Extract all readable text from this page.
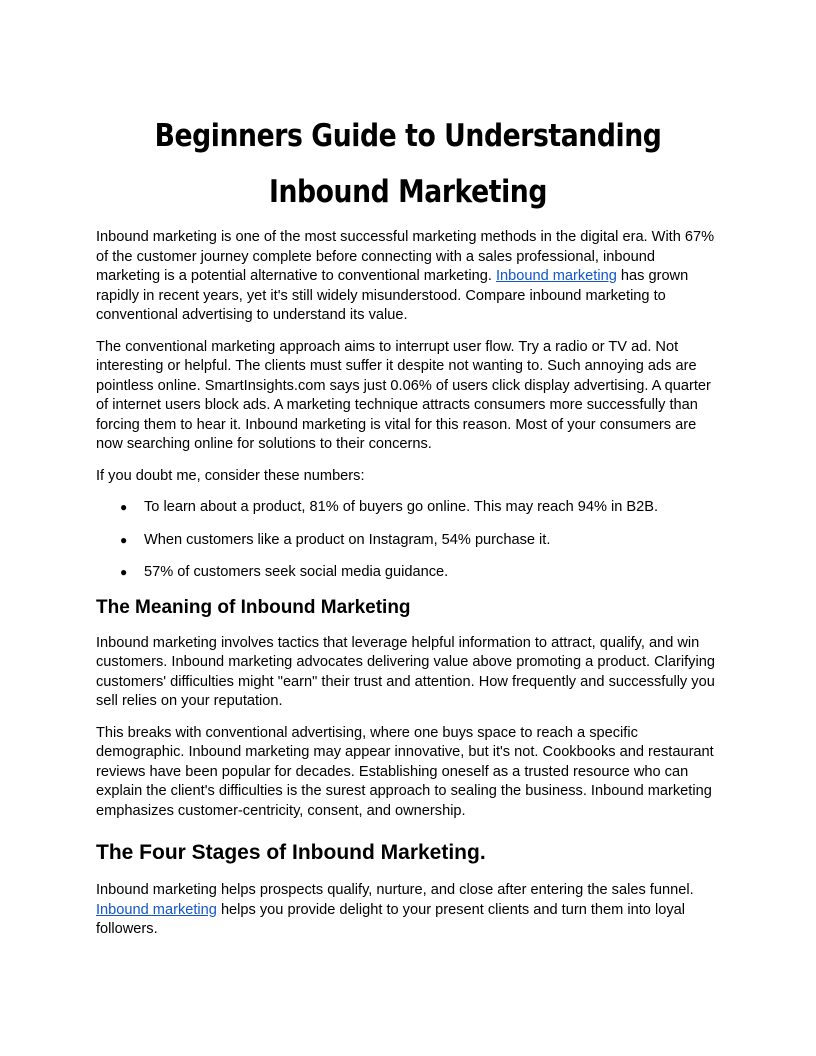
Beginners Guide to Understanding Inbound Marketing

Inbound marketing is one of the most successful marketing methods in the digital era. With 67% of the customer journey complete before connecting with a sales professional, inbound marketing is a potential alternative to conventional marketing. Inbound marketing has grown rapidly in recent years, yet it's still widely misunderstood. Compare inbound marketing to conventional advertising to understand its value.

The conventional marketing approach aims to interrupt user flow. Try a radio or TV ad. Not interesting or helpful. The clients must suffer it despite not wanting to. Such annoying ads are pointless online. SmartInsights.com says just 0.06% of users click display advertising. A quarter of internet users block ads. A marketing technique attracts consumers more successfully than forcing them to hear it. Inbound marketing is vital for this reason. Most of your consumers are now searching online for solutions to their concerns.

If you doubt me, consider these numbers:

● To learn about a product, 81% of buyers go online. This may reach 94% in B2B.
● When customers like a product on Instagram, 54% purchase it.
● 57% of customers seek social media guidance.
The Meaning of Inbound Marketing

Inbound marketing involves tactics that leverage helpful information to attract, qualify, and win customers. Inbound marketing advocates delivering value above promoting a product. Clarifying customers' difficulties might "earn" their trust and attention. How frequently and successfully you sell relies on your reputation.

This breaks with conventional advertising, where one buys space to reach a specific demographic. Inbound marketing may appear innovative, but it's not. Cookbooks and restaurant reviews have been popular for decades. Establishing oneself as a trusted resource who can explain the client's difficulties is the surest approach to sealing the business. Inbound marketing emphasizes customer-centricity, consent, and ownership.

The Four Stages of Inbound Marketing.

Inbound marketing helps prospects qualify, nurture, and close after entering the sales funnel. Inbound marketing helps you provide delight to your present clients and turn them into loyal followers.
